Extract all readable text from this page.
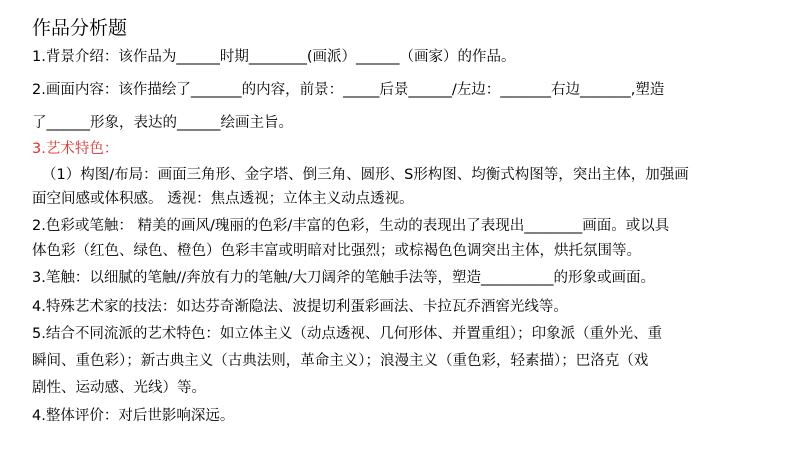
作品分析题
1.背景介绍：该作品为______时期________(画派）______（画家）的作品。
2.画面内容：该作描绘了_______的内容，前景：_____后景______/左边：_______右边_______,塑造
了______形象，表达的______绘画主旨。
3.艺术特色：
（1）构图/布局：画面三角形、金字塔、倒三角、圆形、S形构图、均衡式构图等，突出主体，加强画
面空间感或体积感。 透视：焦点透视；立体主义动点透视。
2.色彩或笔触： 精美的画风/瑰丽的色彩/丰富的色彩，生动的表现出了表现出________画面。或以具
体色彩（红色、绿色、橙色）色彩丰富或明暗对比强烈；或棕褐色色调突出主体，烘托氛围等。
3.笔触：以细腻的笔触//奔放有力的笔触/大刀阔斧的笔触手法等，塑造__________的形象或画面。
4.特殊艺术家的技法：如达芬奇渐隐法、波提切利蛋彩画法、卡拉瓦乔酒窖光线等。
5.结合不同流派的艺术特色：如立体主义（动点透视、几何形体、并置重组）；印象派（重外光、重
瞬间、重色彩）；新古典主义（古典法则，革命主义）；浪漫主义（重色彩，轻素描）；巴洛克（戏
剧性、运动感、光线）等。
4.整体评价：对后世影响深远。
